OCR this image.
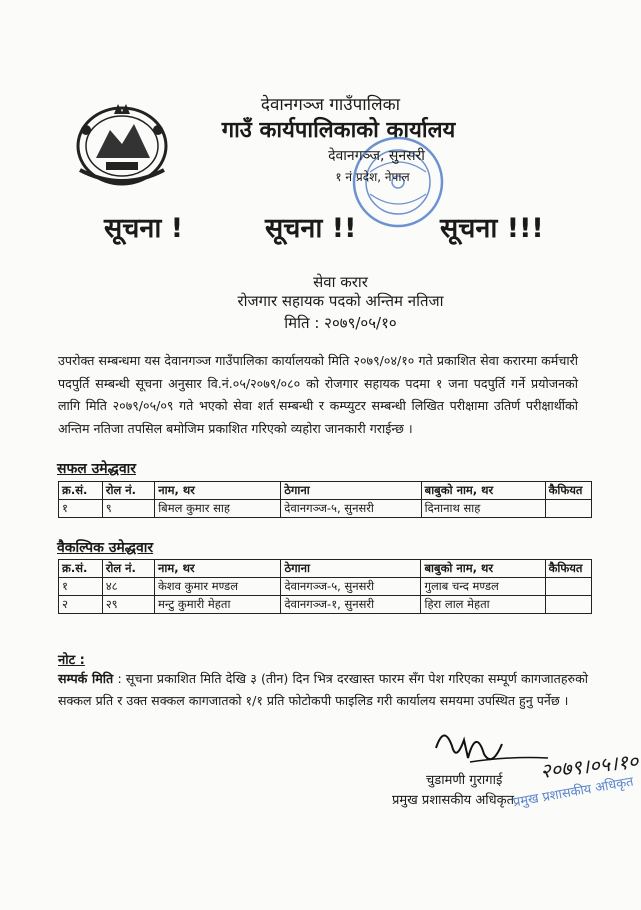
देवानगञ्ज गाउँपालिका
गाउँ कार्यपालिकाको कार्यालय
देवानगञ्ज, सुनसरी
१ नं प्रदेश, नेपाल
सूचना !	सूचना !!	सूचना !!!
सेवा करार
रोजगार सहायक पदको अन्तिम नतिजा
मिति : २०७९/०५/१०
उपरोक्त सम्बन्धमा यस देवानगञ्ज गाउँपालिका कार्यालयको मिति २०७९/०४/१० गते प्रकाशित सेवा करारमा कर्मचारी पदपुर्ति सम्बन्धी सूचना अनुसार वि.नं.०५/२०७९/०८० को रोजगार सहायक पदमा १ जना पदपुर्ति गर्ने प्रयोजनको लागि मिति २०७९/०५/०९ गते भएको सेवा शर्त सम्बन्धी र कम्प्युटर सम्बन्धी लिखित परीक्षामा उतिर्ण परीक्षार्थीको अन्तिम नतिजा तपसिल बमोजिम प्रकाशित गरिएको व्यहोरा जानकारी गराईन्छ ।
सफल उमेद्धवार
क्र.सं.	रोल नं.	नाम, थर	ठेगाना	बाबुको नाम, थर	कैफियत
१	९	बिमल कुमार साह	देवानगञ्ज-५, सुनसरी	दिनानाथ साह	
वैकल्पिक उमेद्धवार
क्र.सं.	रोल नं.	नाम, थर	ठेगाना	बाबुको नाम, थर	कैफियत
१	४८	केशव कुमार मण्डल	देवानगञ्ज-५, सुनसरी	गुलाब चन्द मण्डल	
२	२९	मन्टु कुमारी मेहता	देवानगञ्ज-१, सुनसरी	हिरा लाल मेहता	
नोट :
सम्पर्क मिति : सूचना प्रकाशित मिति देखि ३ (तीन) दिन भित्र दरखास्त फारम सँग पेश गरिएका सम्पूर्ण कागजातहरुको सक्कल प्रति र उक्त सक्कल कागजातको १/१ प्रति फोटोकपी फाइलिड गरी कार्यालय समयमा उपस्थित हुनु पर्नेछ ।
२०७९।०५।१०
चुडामणी गुरागाई
प्रमुख प्रशासकीय अधिकृत
प्रमुख प्रशासकीय अधिकृत
